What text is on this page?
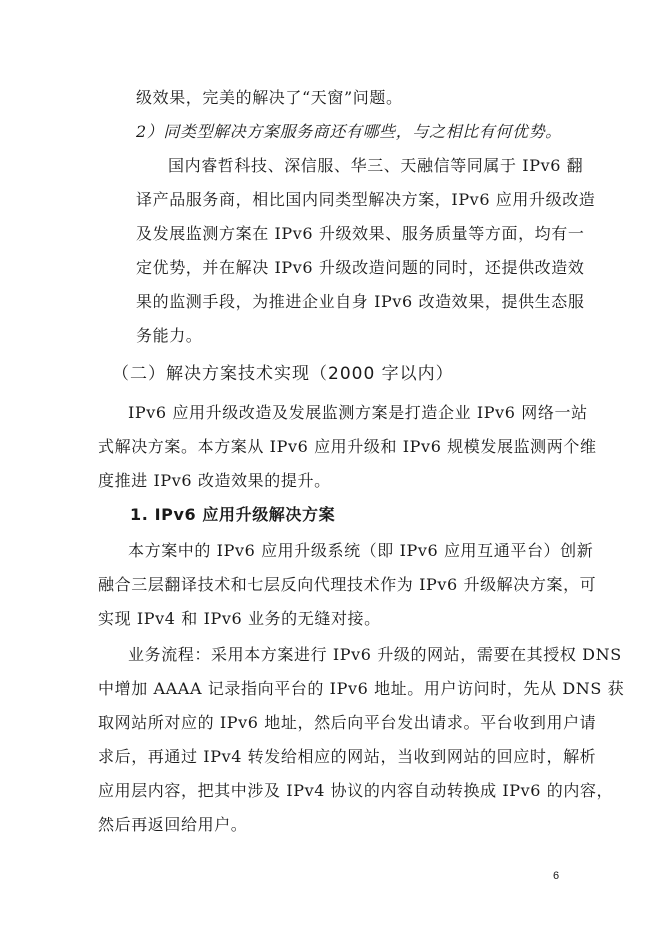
级效果，完美的解决了“天窗”问题。
2）同类型解决方案服务商还有哪些，与之相比有何优势。
国内睿哲科技、深信服、华三、天融信等同属于 IPv6 翻
译产品服务商，相比国内同类型解决方案，IPv6 应用升级改造
及发展监测方案在 IPv6 升级效果、服务质量等方面，均有一
定优势，并在解决 IPv6 升级改造问题的同时，还提供改造效
果的监测手段，为推进企业自身 IPv6 改造效果，提供生态服
务能力。
（二）解决方案技术实现（2000 字以内）
IPv6 应用升级改造及发展监测方案是打造企业 IPv6 网络一站
式解决方案。本方案从 IPv6 应用升级和 IPv6 规模发展监测两个维
度推进 IPv6 改造效果的提升。
1. IPv6 应用升级解决方案
本方案中的 IPv6 应用升级系统（即 IPv6 应用互通平台）创新
融合三层翻译技术和七层反向代理技术作为 IPv6 升级解决方案，可
实现 IPv4 和 IPv6 业务的无缝对接。
业务流程：采用本方案进行 IPv6 升级的网站，需要在其授权 DNS
中增加 AAAA 记录指向平台的 IPv6 地址。用户访问时，先从 DNS 获
取网站所对应的 IPv6 地址，然后向平台发出请求。平台收到用户请
求后，再通过 IPv4 转发给相应的网站，当收到网站的回应时，解析
应用层内容，把其中涉及 IPv4 协议的内容自动转换成 IPv6 的内容，
然后再返回给用户。
6
